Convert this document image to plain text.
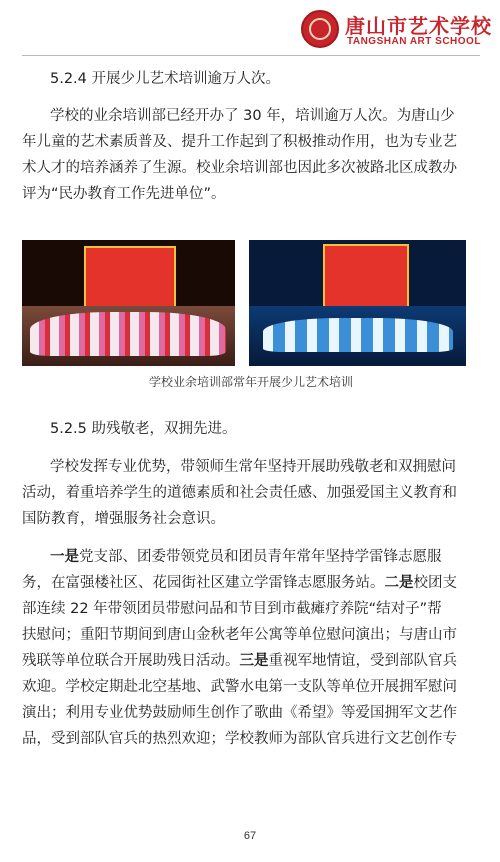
唐山市艺术学校
TANGSHAN ART SCHOOL
5.2.4 开展少儿艺术培训逾万人次。
学校的业余培训部已经开办了 30 年，培训逾万人次。为唐山少
年儿童的艺术素质普及、提升工作起到了积极推动作用，也为专业艺
术人才的培养涵养了生源。校业余培训部也因此多次被路北区成教办
评为“民办教育工作先进单位”。
学校业余培训部常年开展少儿艺术培训
5.2.5 助残敬老，双拥先进。
学校发挥专业优势，带领师生常年坚持开展助残敬老和双拥慰问
活动，着重培养学生的道德素质和社会责任感、加强爱国主义教育和
国防教育，增强服务社会意识。
一是党支部、团委带领党员和团员青年常年坚持学雷锋志愿服
务，在富强楼社区、花园街社区建立学雷锋志愿服务站。二是校团支
部连续 22 年带领团员带慰问品和节目到市截瘫疗养院“结对子”帮
扶慰问；重阳节期间到唐山金秋老年公寓等单位慰问演出；与唐山市
残联等单位联合开展助残日活动。三是重视军地情谊，受到部队官兵
欢迎。学校定期赴北空基地、武警水电第一支队等单位开展拥军慰问
演出；利用专业优势鼓励师生创作了歌曲《希望》等爱国拥军文艺作
品，受到部队官兵的热烈欢迎；学校教师为部队官兵进行文艺创作专
67
